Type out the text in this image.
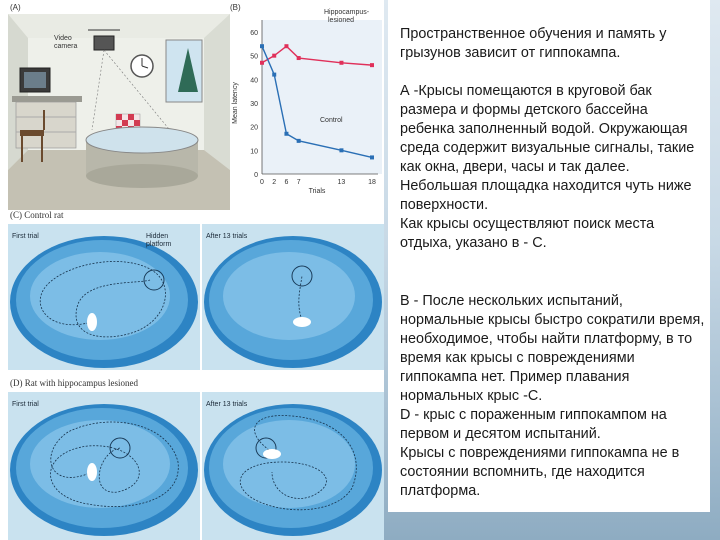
(A)
Video
camera
(B)
0
10
20
30
40
50
60
0 2 6 7	13	18
Trials
Mean latency
Hippocampus-
lesioned
Control
(C) Control rat
First trial	Hidden
platform
After 13 trials
(D) Rat with hippocampus lesioned
First trial	After 13 trials

Пространственное обучения и память у грызунов зависит от гиппокампа.

А -Крысы помещаются в круговой бак размера и формы детского бассейна ребенка заполненный водой. Окружающая среда содержит визуальные сигналы, такие как окна, двери, часы и так далее. Небольшая площадка находится чуть ниже поверхности.
Как крысы осуществляют поиск места отдыха, указано в - С.

В - После нескольких испытаний, нормальные крысы быстро сократили время, необходимое, чтобы найти платформу, в то время как крысы с повреждениями гиппокампа нет. Пример плавания нормальных крыс -С.
D - крыс с пораженным гиппокампом на первом и десятом испытаний.
Крысы с повреждениями гиппокампа не в состоянии вспомнить, где находится платформа.
